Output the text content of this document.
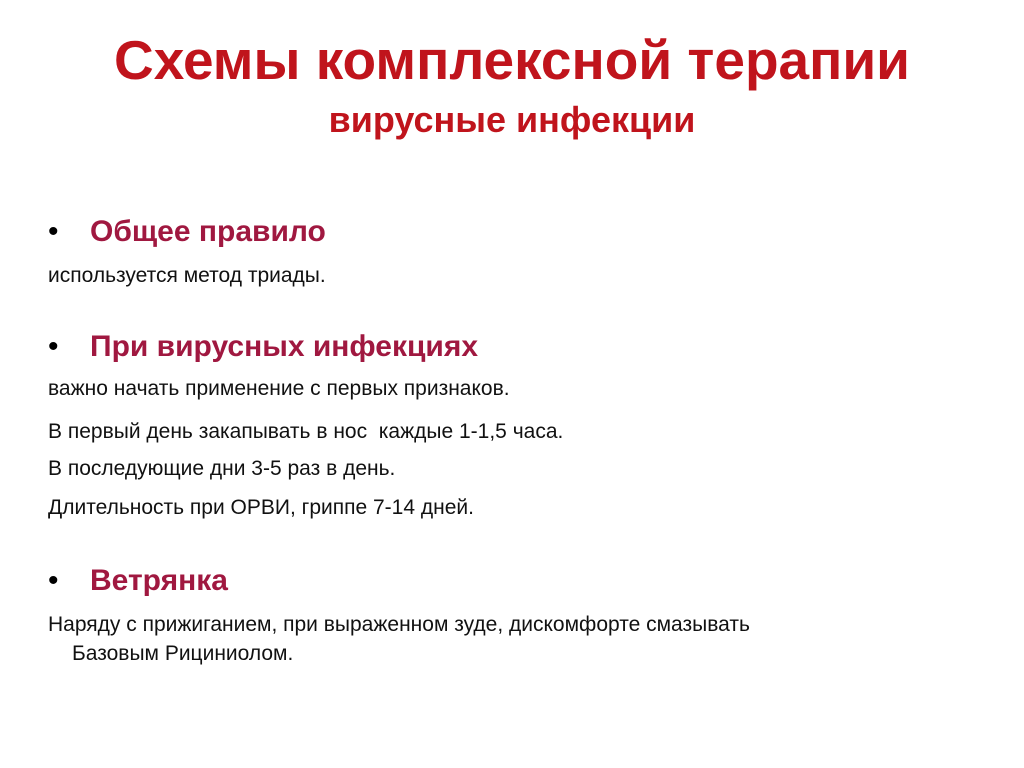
Схемы комплексной терапии
вирусные инфекции
•	Общее правило
используется метод триады.
•	При вирусных инфекциях
важно начать применение с первых признаков.
В первый день закапывать в нос  каждые 1-1,5 часа.
В последующие дни 3-5 раз в день.
Длительность при ОРВИ, гриппе 7-14 дней.
•	Ветрянка
Наряду с прижиганием, при выраженном зуде, дискомфорте смазывать
Базовым Рициниолом.
